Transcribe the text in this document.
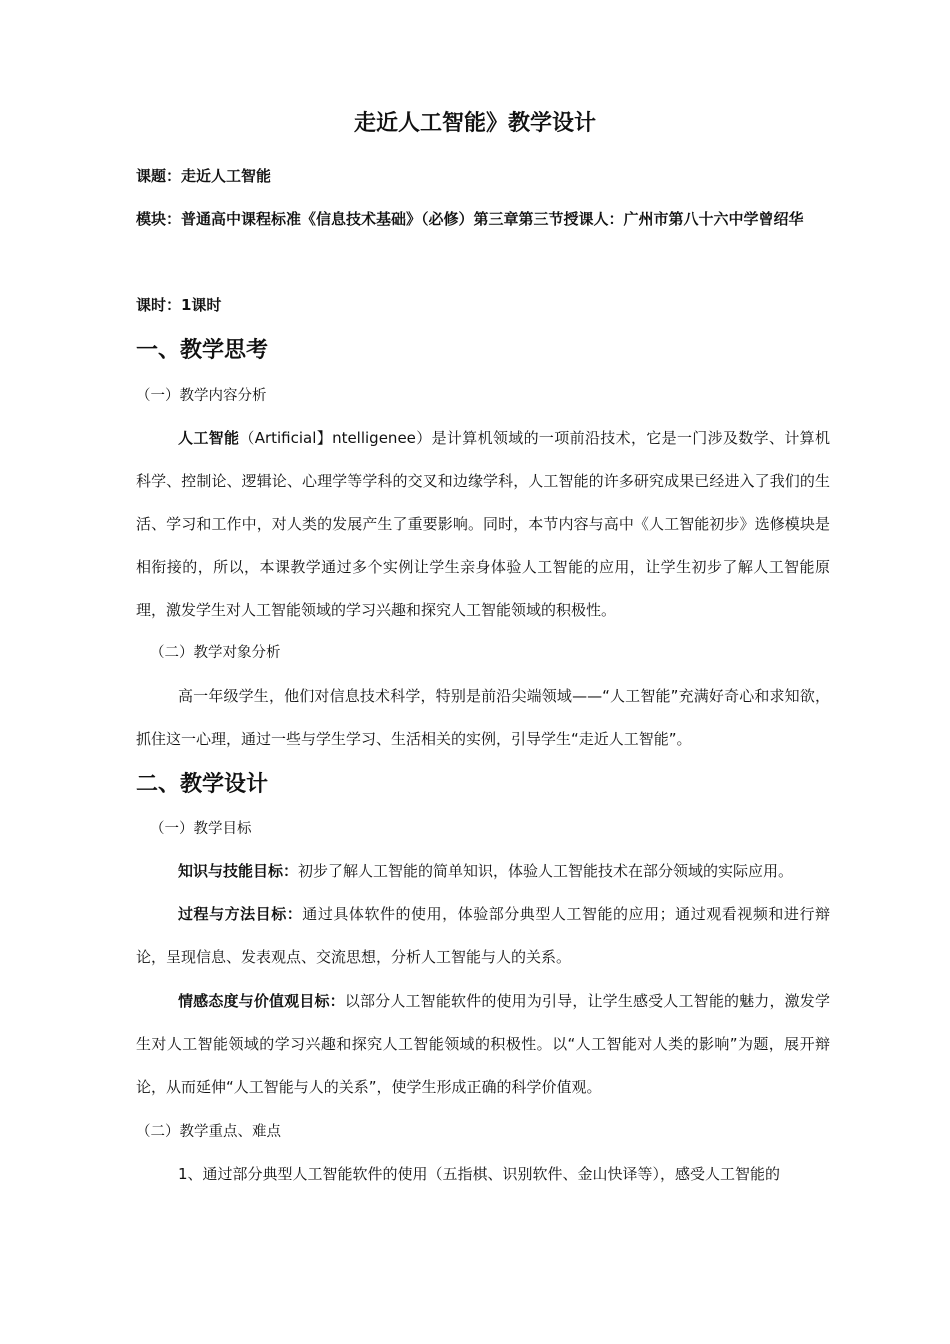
走近人工智能》教学设计

课题：走近人工智能

模块：普通高中课程标准《信息技术基础》（必修）第三章第三节授课人：广州市第八十六中学曾绍华

课时：1课时

一、教学思考

（一）教学内容分析

人工智能（Artificial】ntelligenee）是计算机领域的一项前沿技术，它是一门涉及数学、计算机科学、控制论、逻辑论、心理学等学科的交叉和边缘学科，人工智能的许多研究成果已经进入了我们的生活、学习和工作中，对人类的发展产生了重要影响。同时，本节内容与高中《人工智能初步》选修模块是相衔接的，所以，本课教学通过多个实例让学生亲身体验人工智能的应用，让学生初步了解人工智能原理，激发学生对人工智能领域的学习兴趣和探究人工智能领域的积极性。

（二）教学对象分析

高一年级学生，他们对信息技术科学，特别是前沿尖端领域——“人工智能”充满好奇心和求知欲，抓住这一心理，通过一些与学生学习、生活相关的实例，引导学生“走近人工智能”。

二、教学设计

（一）教学目标

知识与技能目标：初步了解人工智能的简单知识，体验人工智能技术在部分领域的实际应用。

过程与方法目标：通过具体软件的使用，体验部分典型人工智能的应用；通过观看视频和进行辩论，呈现信息、发表观点、交流思想，分析人工智能与人的关系。

情感态度与价值观目标：以部分人工智能软件的使用为引导，让学生感受人工智能的魅力，激发学生对人工智能领域的学习兴趣和探究人工智能领域的积极性。以“人工智能对人类的影响”为题，展开辩论，从而延伸“人工智能与人的关系”，使学生形成正确的科学价值观。

（二）教学重点、难点

1、通过部分典型人工智能软件的使用（五指棋、识别软件、金山快译等），感受人工智能的
